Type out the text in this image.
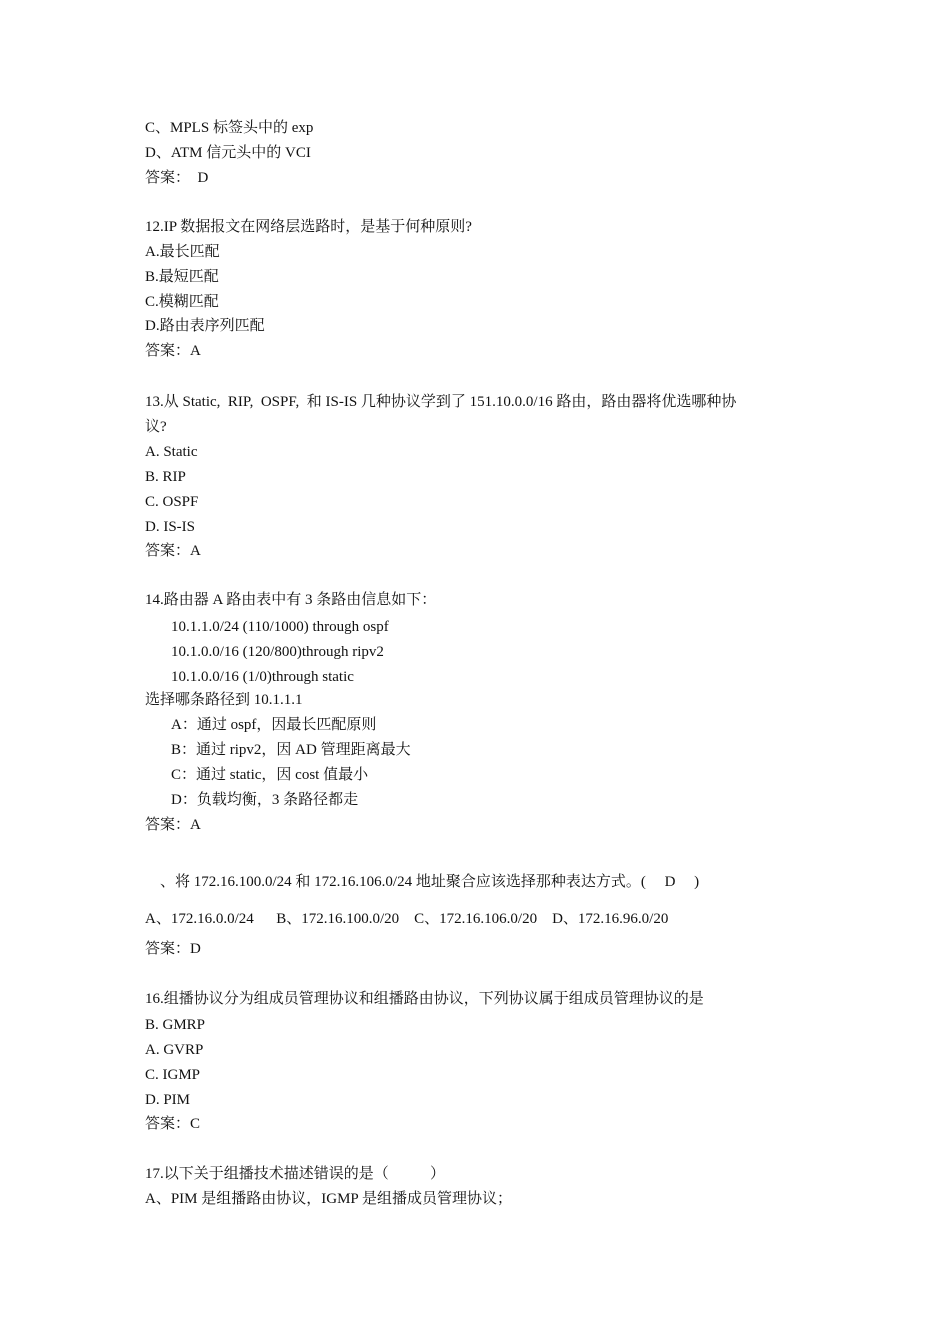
C、MPLS 标签头中的 exp
D、ATM 信元头中的 VCI
答案：  D
12.IP 数据报文在网络层选路时，是基于何种原则?
A.最长匹配
B.最短匹配
C.模糊匹配
D.路由表序列匹配
答案：A
13.从 Static,  RIP,  OSPF,  和 IS-IS 几种协议学到了 151.10.0.0/16 路由，路由器将优选哪种协
议?
A. Static
B. RIP
C. OSPF
D. IS-IS
答案：A
14.路由器 A 路由表中有 3 条路由信息如下：
10.1.1.0/24 (110/1000) through ospf
10.1.0.0/16 (120/800)through ripv2
10.1.0.0/16 (1/0)through static
选择哪条路径到 10.1.1.1
A：通过 ospf，因最长匹配原则
B：通过 ripv2，因 AD 管理距离最大
C：通过 static，因 cost 值最小
D：负载均衡，3 条路径都走
答案：A
、将 172.16.100.0/24 和 172.16.106.0/24 地址聚合应该选择那种表达方式。(     D     )
A、172.16.0.0/24      B、172.16.100.0/20    C、172.16.106.0/20    D、172.16.96.0/20
答案：D
16.组播协议分为组成员管理协议和组播路由协议，下列协议属于组成员管理协议的是
B. GMRP
A. GVRP
C. IGMP
D. PIM
答案：C
17.以下关于组播技术描述错误的是（           ）
A、PIM 是组播路由协议，IGMP 是组播成员管理协议；
